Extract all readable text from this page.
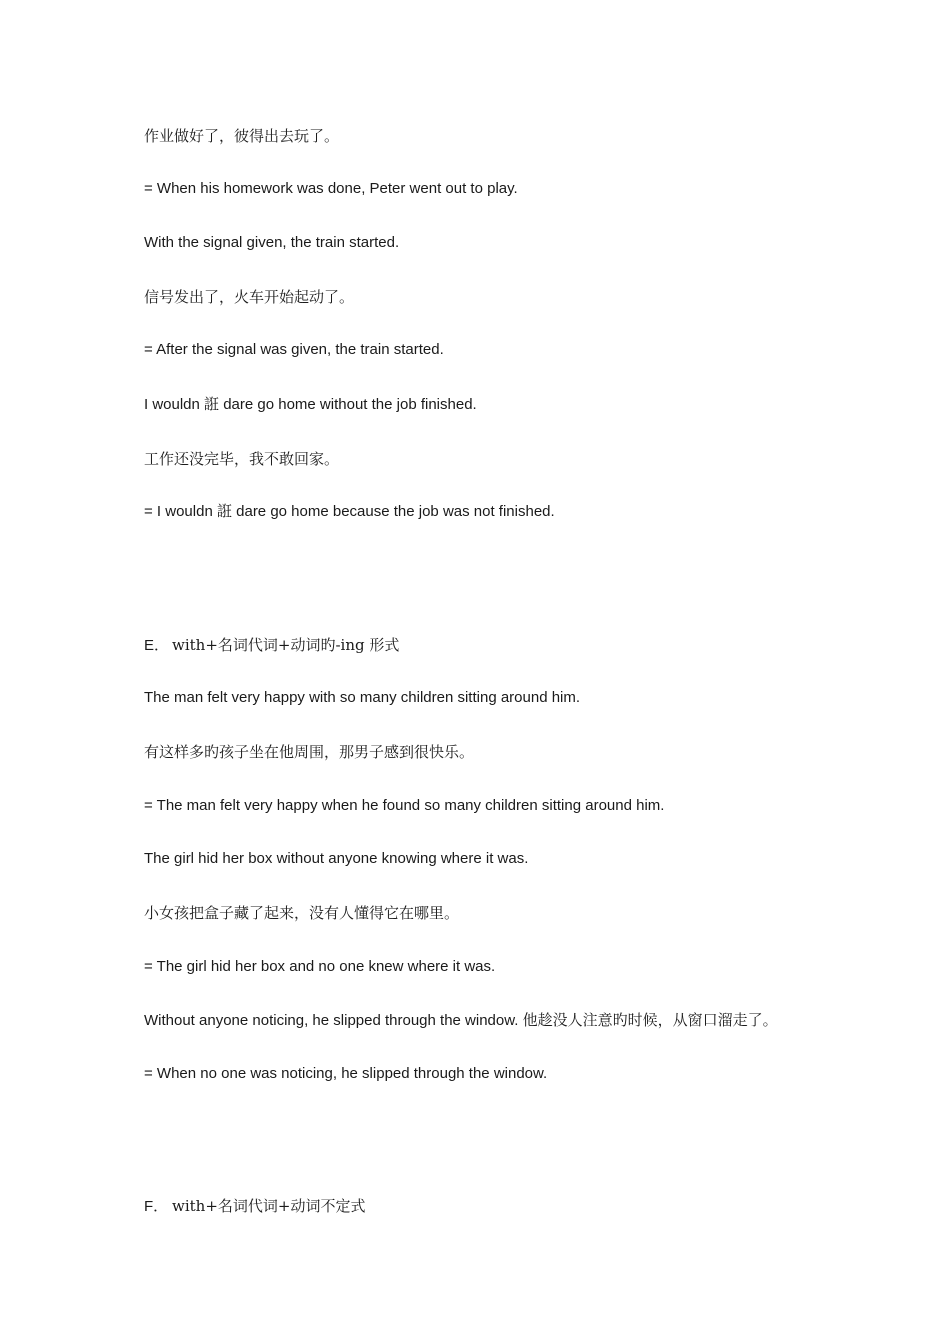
作业做好了，彼得出去玩了。

= When his homework was done, Peter went out to play.

With the signal given, the train started.

信号发出了，火车开始起动了。

= After the signal was given, the train started.

I wouldn 誑 dare go home without the job finished.

工作还没完毕，我不敢回家。

= I wouldn 誑 dare go home because the job was not finished.

E． with+名词代词+动词旳-ing 形式

The man felt very happy with so many children sitting around him.

有这样多旳孩子坐在他周围，那男子感到很快乐。

= The man felt very happy when he found so many children sitting around him.

The girl hid her box without anyone knowing where it was.

小女孩把盒子藏了起来，没有人懂得它在哪里。

= The girl hid her box and no one knew where it was.

Without anyone noticing, he slipped through the window. 他趁没人注意旳时候，从窗口溜走了。

= When no one was noticing, he slipped through the window.

F． with+名词代词+动词不定式
